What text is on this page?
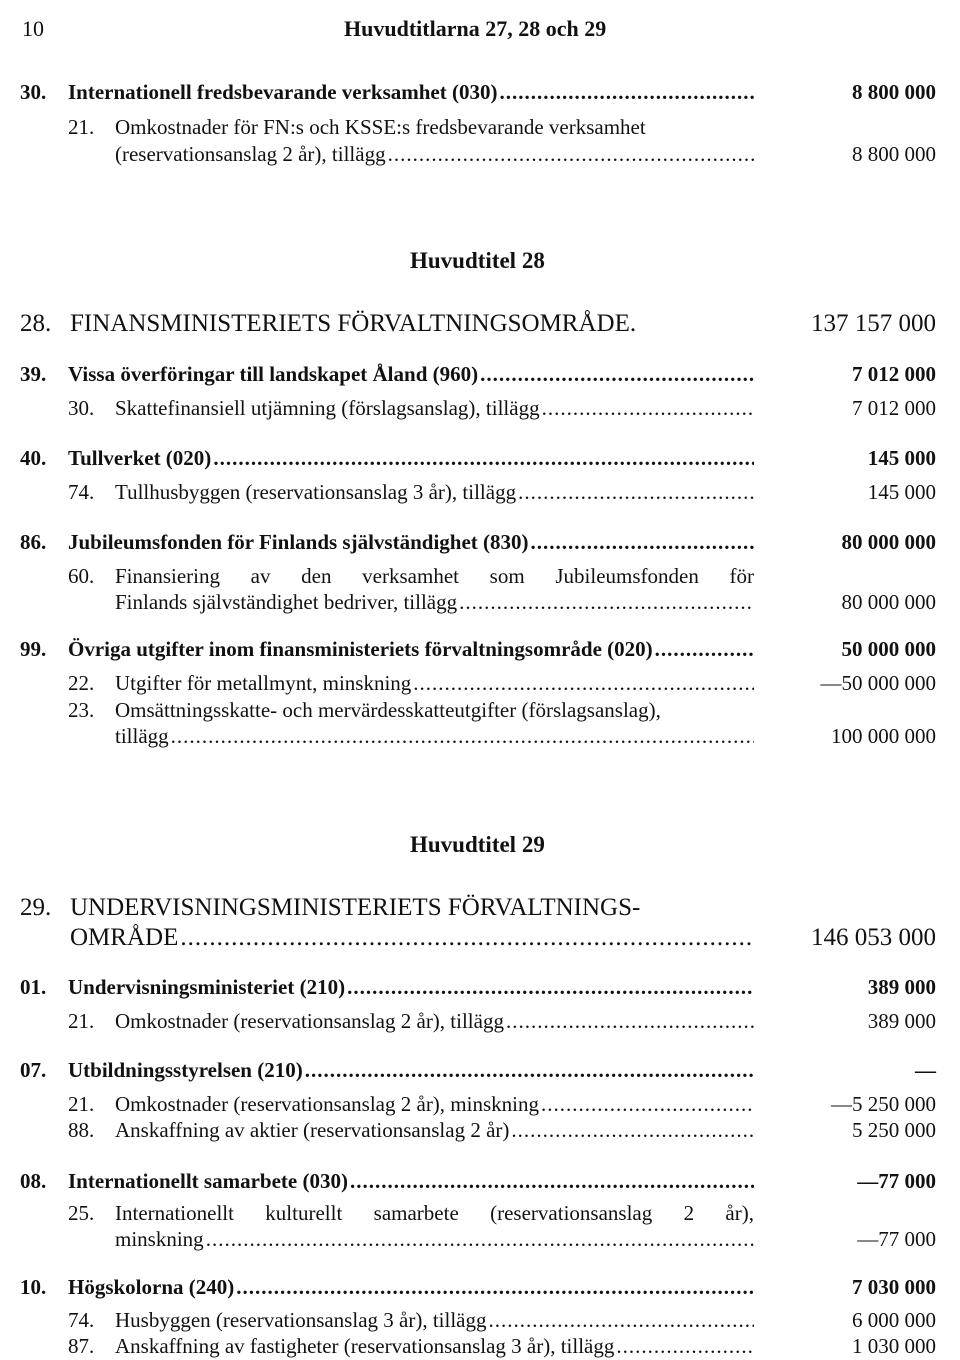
10	Huvudtitlarna 27, 28 och 29
30. Internationell fredsbevarande verksamhet (030) .....	8 800 000
21. Omkostnader för FN:s och KSSE:s fredsbevarande verksamhet
(reservationsanslag 2 år), tillägg .....	8 800 000
Huvudtitel 28
28. FINANSMINISTERIETS FÖRVALTNINGSOMRÅDE.	137 157 000
39. Vissa överföringar till landskapet Åland (960) .....	7 012 000
30. Skattefinansiell utjämning (förslagsanslag), tillägg .....	7 012 000
40. Tullverket (020) .....	145 000
74. Tullhusbyggen (reservationsanslag 3 år), tillägg .....	145 000
86. Jubileumsfonden för Finlands självständighet (830) .....	80 000 000
60. Finansiering av den verksamhet som Jubileumsfonden för
Finlands självständighet bedriver, tillägg .....	80 000 000
99. Övriga utgifter inom finansministeriets förvaltningsområde (020) .....	50 000 000
22. Utgifter för metallmynt, minskning .....	—50 000 000
23. Omsättningsskatte- och mervärdesskatteutgifter (förslagsanslag),
tillägg .....	100 000 000
Huvudtitel 29
29. UNDERVISNINGSMINISTERIETS FÖRVALTNINGS-
OMRÅDE .....	146 053 000
01. Undervisningsministeriet (210) .....	389 000
21. Omkostnader (reservationsanslag 2 år), tillägg .....	389 000
07. Utbildningsstyrelsen (210) .....	—
21. Omkostnader (reservationsanslag 2 år), minskning .....	—5 250 000
88. Anskaffning av aktier (reservationsanslag 2 år) .....	5 250 000
08. Internationellt samarbete (030) .....	—77 000
25. Internationellt kulturellt samarbete (reservationsanslag 2 år),
minskning .....	—77 000
10. Högskolorna (240) .....	7 030 000
74. Husbyggen (reservationsanslag 3 år), tillägg .....	6 000 000
87. Anskaffning av fastigheter (reservationsanslag 3 år), tillägg .....	1 030 000
